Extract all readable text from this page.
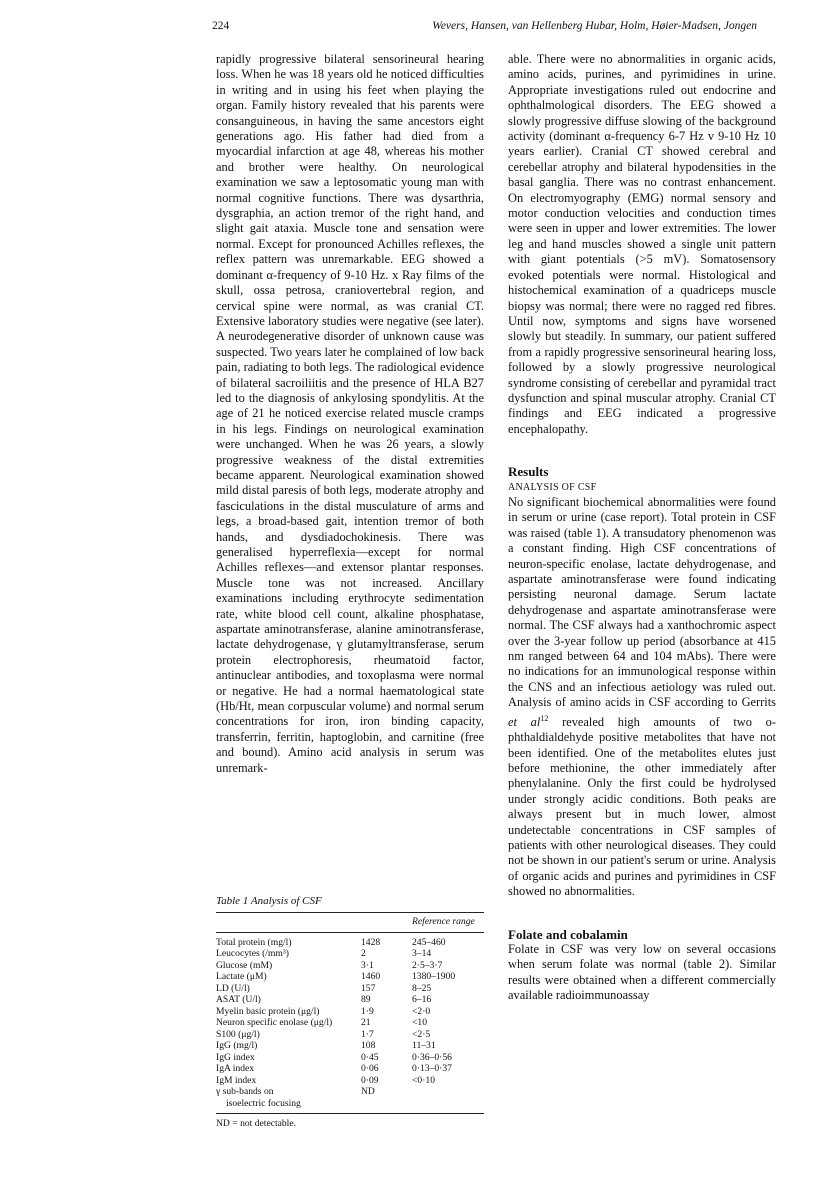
224	Wevers, Hansen, van Hellenberg Hubar, Holm, Høier-Madsen, Jongen

rapidly progressive bilateral sensorineural hearing loss. When he was 18 years old he noticed difficulties in writing and in using his feet when playing the organ. Family history revealed that his parents were consanguineous, in having the same ancestors eight generations ago. His father had died from a myocardial infarction at age 48, whereas his mother and brother were healthy. On neurological examination we saw a leptosomatic young man with normal cognitive functions. There was dysarthria, dysgraphia, an action tremor of the right hand, and slight gait ataxia. Muscle tone and sensation were normal. Except for pronounced Achilles reflexes, the reflex pattern was unremarkable. EEG showed a dominant α-frequency of 9-10 Hz. x Ray films of the skull, ossa petrosa, craniovertebral region, and cervical spine were normal, as was cranial CT. Extensive laboratory studies were negative (see later). A neurodegenerative disorder of unknown cause was suspected. Two years later he complained of low back pain, radiating to both legs. The radiological evidence of bilateral sacroiliitis and the presence of HLA B27 led to the diagnosis of ankylosing spondylitis. At the age of 21 he noticed exercise related muscle cramps in his legs. Findings on neurological examination were unchanged. When he was 26 years, a slowly progressive weakness of the distal extremities became apparent. Neurological examination showed mild distal paresis of both legs, moderate atrophy and fasciculations in the distal musculature of arms and legs, a broad-based gait, intention tremor of both hands, and dysdiadochokinesis. There was generalised hyperreflexia—except for normal Achilles reflexes—and extensor plantar responses. Muscle tone was not increased. Ancillary examinations including erythrocyte sedimentation rate, white blood cell count, alkaline phosphatase, aspartate aminotransferase, alanine aminotransferase, lactate dehydrogenase, γ glutamyltransferase, serum protein electrophoresis, rheumatoid factor, antinuclear antibodies, and toxoplasma were normal or negative. He had a normal haematological state (Hb/Ht, mean corpuscular volume) and normal serum concentrations for iron, iron binding capacity, transferrin, ferritin, haptoglobin, and carnitine (free and bound). Amino acid analysis in serum was unremark-

Table 1 Analysis of CSF
		Reference range

Total protein (mg/l)	1428	245–460
Leucocytes (/mm³)	2	3–14
Glucose (mM)	3·1	2·5–3·7
Lactate (μM)	1460	1380–1900
LD (U/l)	157	8–25
ASAT (U/l)	89	6–16
Myelin basic protein (μg/l)	1·9	<2·0
Neuron specific enolase (μg/l)	21	<10
S100 (μg/l)	1·7	<2·5
IgG (mg/l)	108	11–31
IgG index	0·45	0·36–0·56
IgA index	0·06	0·13–0·37
IgM index	0·09	<0·10
γ sub-bands on	ND	
isoelectric focusing		

ND = not detectable.

able. There were no abnormalities in organic acids, amino acids, purines, and pyrimidines in urine. Appropriate investigations ruled out endocrine and ophthalmological disorders. The EEG showed a slowly progressive diffuse slowing of the background activity (dominant α-frequency 6-7 Hz v 9-10 Hz 10 years earlier). Cranial CT showed cerebral and cerebellar atrophy and bilateral hypodensities in the basal ganglia. There was no contrast enhancement. On electromyography (EMG) normal sensory and motor conduction velocities and conduction times were seen in upper and lower extremities. The lower leg and hand muscles showed a single unit pattern with giant potentials (>5 mV). Somatosensory evoked potentials were normal. Histological and histochemical examination of a quadriceps muscle biopsy was normal; there were no ragged red fibres. Until now, symptoms and signs have worsened slowly but steadily. In summary, our patient suffered from a rapidly progressive sensorineural hearing loss, followed by a slowly progressive neurological syndrome consisting of cerebellar and pyramidal tract dysfunction and spinal muscular atrophy. Cranial CT findings and EEG indicated a progressive encephalopathy.

Results

ANALYSIS OF CSF

No significant biochemical abnormalities were found in serum or urine (case report). Total protein in CSF was raised (table 1). A transudatory phenomenon was a constant finding. High CSF concentrations of neuron-specific enolase, lactate dehydrogenase, and aspartate aminotransferase were found indicating persisting neuronal damage. Serum lactate dehydrogenase and aspartate aminotransferase were normal. The CSF always had a xanthochromic aspect over the 3-year follow up period (absorbance at 415 nm ranged between 64 and 104 mAbs). There were no indications for an immunological response within the CNS and an infectious aetiology was ruled out. Analysis of amino acids in CSF according to Gerrits et $al^{12}$ revealed high amounts of two o-phthaldialdehyde positive metabolites that have not been identified. One of the metabolites elutes just before methionine, the other immediately after phenylalanine. Only the first could be hydrolysed under strongly acidic conditions. Both peaks are always present but in much lower, almost undetectable concentrations in CSF samples of patients with other neurological diseases. They could not be shown in our patient's serum or urine. Analysis of organic acids and purines and pyrimidines in CSF showed no abnormalities.

Folate and cobalamin

Folate in CSF was very low on several occasions when serum folate was normal (table 2). Similar results were obtained when a different commercially available radioimmunoassay
